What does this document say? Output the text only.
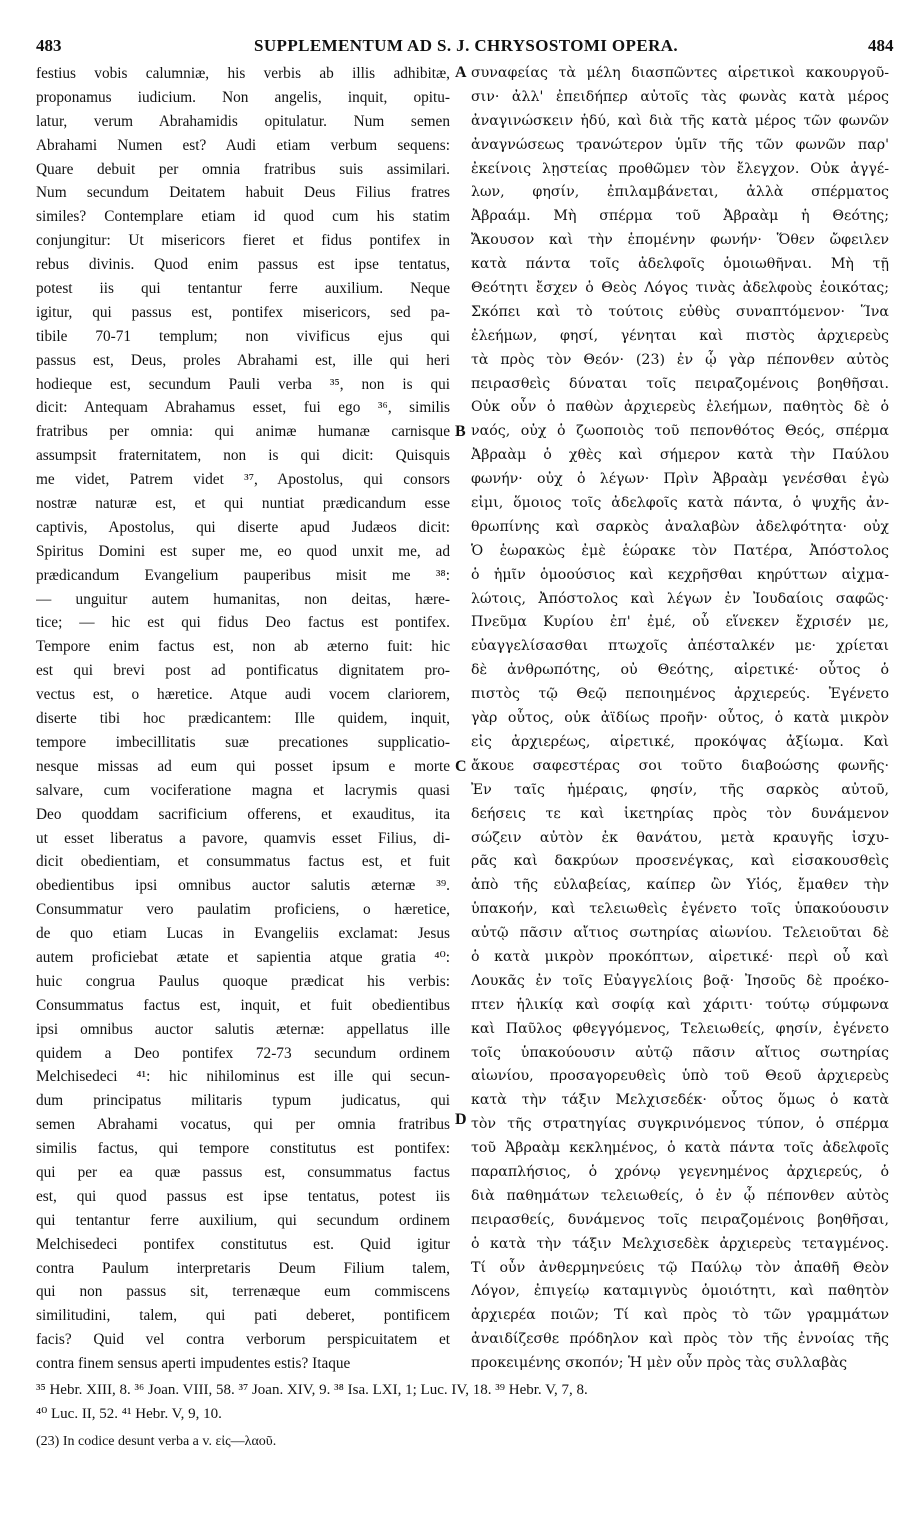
483	SUPPLEMENTUM AD S. J. CHRYSOSTOMI OPERA.	484
festius vobis calumniæ, his verbis ab illis adhibitæ,
proponamus iudicium. Non angelis, inquit, opitu-
latur, verum Abrahamidis opitulatur. Num semen
Abrahami Numen est? Audi etiam verbum sequens:
Quare debuit per omnia fratribus suis assimilari.
Num secundum Deitatem habuit Deus Filius fratres
similes? Contemplare etiam id quod cum his statim
conjungitur: Ut misericors fieret et fidus pontifex in
rebus divinis. Quod enim passus est ipse tentatus,
potest iis qui tentantur ferre auxilium. Neque
igitur, qui passus est, pontifex misericors, sed pa-
tibile 70-71 templum; non vivificus ejus qui
passus est, Deus, proles Abrahami est, ille qui heri
hodieque est, secundum Pauli verba ³⁵, non is qui
dicit: Antequam Abrahamus esset, fui ego ³⁶, similis
fratribus per omnia: qui animæ humanæ carnisque
assumpsit fraternitatem, non is qui dicit: Quisquis
me videt, Patrem videt ³⁷, Apostolus, qui consors
nostræ naturæ est, et qui nuntiat prædicandum esse
captivis, Apostolus, qui diserte apud Judæos dicit:
Spiritus Domini est super me, eo quod unxit me, ad
prædicandum Evangelium pauperibus misit me ³⁸:
— unguitur autem humanitas, non deitas, hære-
tice; — hic est qui fidus Deo factus est pontifex.
Tempore enim factus est, non ab æterno fuit: hic
est qui brevi post ad pontificatus dignitatem pro-
vectus est, o hæretice. Atque audi vocem clariorem,
diserte tibi hoc prædicantem: Ille quidem, inquit,
tempore imbecillitatis suæ precationes supplicatio-
nesque missas ad eum qui posset ipsum e morte
salvare, cum vociferatione magna et lacrymis quasi
Deo quoddam sacrificium offerens, et exauditus, ita
ut esset liberatus a pavore, quamvis esset Filius, di-
dicit obedientiam, et consummatus factus est, et fuit
obedientibus ipsi omnibus auctor salutis æternæ ³⁹.
Consummatur vero paulatim proficiens, o hæretice,
de quo etiam Lucas in Evangeliis exclamat: Jesus
autem proficiebat ætate et sapientia atque gratia ⁴⁰:
huic congrua Paulus quoque prædicat his verbis:
Consummatus factus est, inquit, et fuit obedientibus
ipsi omnibus auctor salutis æternæ: appellatus ille
quidem a Deo pontifex 72-73 secundum ordinem
Melchisedeci ⁴¹: hic nihilominus est ille qui secun-
dum principatus militaris typum judicatus, qui
semen Abrahami vocatus, qui per omnia fratribus
similis factus, qui tempore constitutus est pontifex:
qui per ea quæ passus est, consummatus factus
est, qui quod passus est ipse tentatus, potest iis
qui tentantur ferre auxilium, qui secundum ordinem
Melchisedeci pontifex constitutus est. Quid igitur
contra Paulum interpretaris Deum Filium talem,
qui non passus sit, terrenæque eum commiscens
similitudini, talem, qui pati deberet, pontificem
facis? Quid vel contra verborum perspicuitatem et
contra finem sensus aperti impudentes estis? Itaque
A
B
C
D
συναφείας τὰ μέλη διασπῶντες αἱρετικοὶ κακουργοῦ-
σιν· ἀλλ' ἐπειδήπερ αὐτοῖς τὰς φωνὰς κατὰ μέρος
ἀναγινώσκειν ἡδύ, καὶ διὰ τῆς κατὰ μέρος τῶν φωνῶν
ἀναγνώσεως τρανώτερον ὑμῖν τῆς τῶν φωνῶν παρ'
ἐκείνοις λῃστείας προθῶμεν τὸν ἔλεγχον. Οὐκ ἀγγέ-
λων, φησίν, ἐπιλαμβάνεται, ἀλλὰ σπέρματος
Ἀβραάμ. Μὴ σπέρμα τοῦ Ἀβραὰμ ἡ Θεότης;
Ἄκουσον καὶ τὴν ἑπομένην φωνήν· Ὅθεν ὤφειλεν
κατὰ πάντα τοῖς ἀδελφοῖς ὁμοιωθῆναι. Μὴ τῇ
Θεότητι ἔσχεν ὁ Θεὸς Λόγος τινὰς ἀδελφοὺς ἐοικότας;
Σκόπει καὶ τὸ τούτοις εὐθὺς συναπτόμενον· Ἵνα
ἐλεήμων, φησί, γένηται καὶ πιστὸς ἀρχιερεὺς
τὰ πρὸς τὸν Θεόν· (23) ἐν ᾧ γὰρ πέπονθεν αὐτὸς
πειρασθεὶς δύναται τοῖς πειραζομένοις βοηθῆσαι.
Οὐκ οὖν ὁ παθὼν ἀρχιερεὺς ἐλεήμων, παθητὸς δὲ ὁ
ναός, οὐχ ὁ ζωοποιὸς τοῦ πεπονθότος Θεός, σπέρμα
Ἀβραὰμ ὁ χθὲς καὶ σήμερον κατὰ τὴν Παύλου
φωνήν· οὐχ ὁ λέγων· Πρὶν Ἀβραὰμ γενέσθαι ἐγὼ
εἰμι, ὅμοιος τοῖς ἀδελφοῖς κατὰ πάντα, ὁ ψυχῆς ἀν-
θρωπίνης καὶ σαρκὸς ἀναλαβὼν ἀδελφότητα· οὐχ
Ὁ ἑωρακὼς ἐμὲ ἑώρακε τὸν Πατέρα, Ἀπόστολος
ὁ ἡμῖν ὁμοούσιος καὶ κεχρῆσθαι κηρύττων αἰχμα-
λώτοις, Ἀπόστολος καὶ λέγων ἐν Ἰουδαίοις σαφῶς·
Πνεῦμα Κυρίου ἐπ' ἐμέ, οὗ εἵνεκεν ἔχρισέν με,
εὐαγγελίσασθαι πτωχοῖς ἀπέσταλκέν με· χρίεται
δὲ ἀνθρωπότης, οὐ Θεότης, αἱρετικέ· οὗτος ὁ
πιστὸς τῷ Θεῷ πεποιημένος ἀρχιερεύς. Ἐγένετο
γὰρ οὗτος, οὐκ ἀϊδίως προῆν· οὗτος, ὁ κατὰ μικρὸν
εἰς ἀρχιερέως, αἱρετικέ, προκόψας ἀξίωμα. Καὶ
ἄκουε σαφεστέρας σοι τοῦτο διαβοώσης φωνῆς·
Ἐν ταῖς ἡμέραις, φησίν, τῆς σαρκὸς αὐτοῦ,
δεήσεις τε καὶ ἱκετηρίας πρὸς τὸν δυνάμενον
σώζειν αὐτὸν ἐκ θανάτου, μετὰ κραυγῆς ἰσχυ-
ρᾶς καὶ δακρύων προσενέγκας, καὶ εἰσακουσθεὶς
ἀπὸ τῆς εὐλαβείας, καίπερ ὢν Υἱός, ἔμαθεν τὴν
ὑπακοήν, καὶ τελειωθεὶς ἐγένετο τοῖς ὑπακούουσιν
αὐτῷ πᾶσιν αἴτιος σωτηρίας αἰωνίου. Τελειοῦται δὲ
ὁ κατὰ μικρὸν προκόπτων, αἱρετικέ· περὶ οὗ καὶ
Λουκᾶς ἐν τοῖς Εὐαγγελίοις βοᾷ· Ἰησοῦς δὲ προέκο-
πτεν ἡλικίᾳ καὶ σοφίᾳ καὶ χάριτι· τούτῳ σύμφωνα
καὶ Παῦλος φθεγγόμενος, Τελειωθείς, φησίν, ἐγένετο
τοῖς ὑπακούουσιν αὐτῷ πᾶσιν αἴτιος σωτηρίας
αἰωνίου, προσαγορευθεὶς ὑπὸ τοῦ Θεοῦ ἀρχιερεὺς
κατὰ τὴν τάξιν Μελχισεδέκ· οὗτος ὅμως ὁ κατὰ
τὸν τῆς στρατηγίας συγκρινόμενος τύπον, ὁ σπέρμα
τοῦ Ἀβραὰμ κεκλημένος, ὁ κατὰ πάντα τοῖς ἀδελφοῖς
παραπλήσιος, ὁ χρόνῳ γεγενημένος ἀρχιερεύς, ὁ
διὰ παθημάτων τελειωθείς, ὁ ἐν ᾧ πέπονθεν αὐτὸς
πειρασθείς, δυνάμενος τοῖς πειραζομένοις βοηθῆσαι,
ὁ κατὰ τὴν τάξιν Μελχισεδὲκ ἀρχιερεὺς τεταγμένος.
Τί οὖν ἀνθερμηνεύεις τῷ Παύλῳ τὸν ἀπαθῆ Θεὸν
Λόγον, ἐπιγείῳ καταμιγνὺς ὁμοιότητι, καὶ παθητὸν
ἀρχιερέα ποιῶν; Τί καὶ πρὸς τὸ τῶν γραμμάτων
ἀναιδίζεσθε πρόδηλον καὶ πρὸς τὸν τῆς ἐννοίας τῆς
προκειμένης σκοπόν; Ἡ μὲν οὖν πρὸς τὰς συλλαβὰς
³⁵ Hebr. XIII, 8. ³⁶ Joan. VIII, 58. ³⁷ Joan. XIV, 9. ³⁸ Isa. LXI, 1; Luc. IV, 18. ³⁹ Hebr. V, 7, 8.
⁴⁰ Luc. II, 52. ⁴¹ Hebr. V, 9, 10.
(23) In codice desunt verba a v. εἰς—λαοῦ.
